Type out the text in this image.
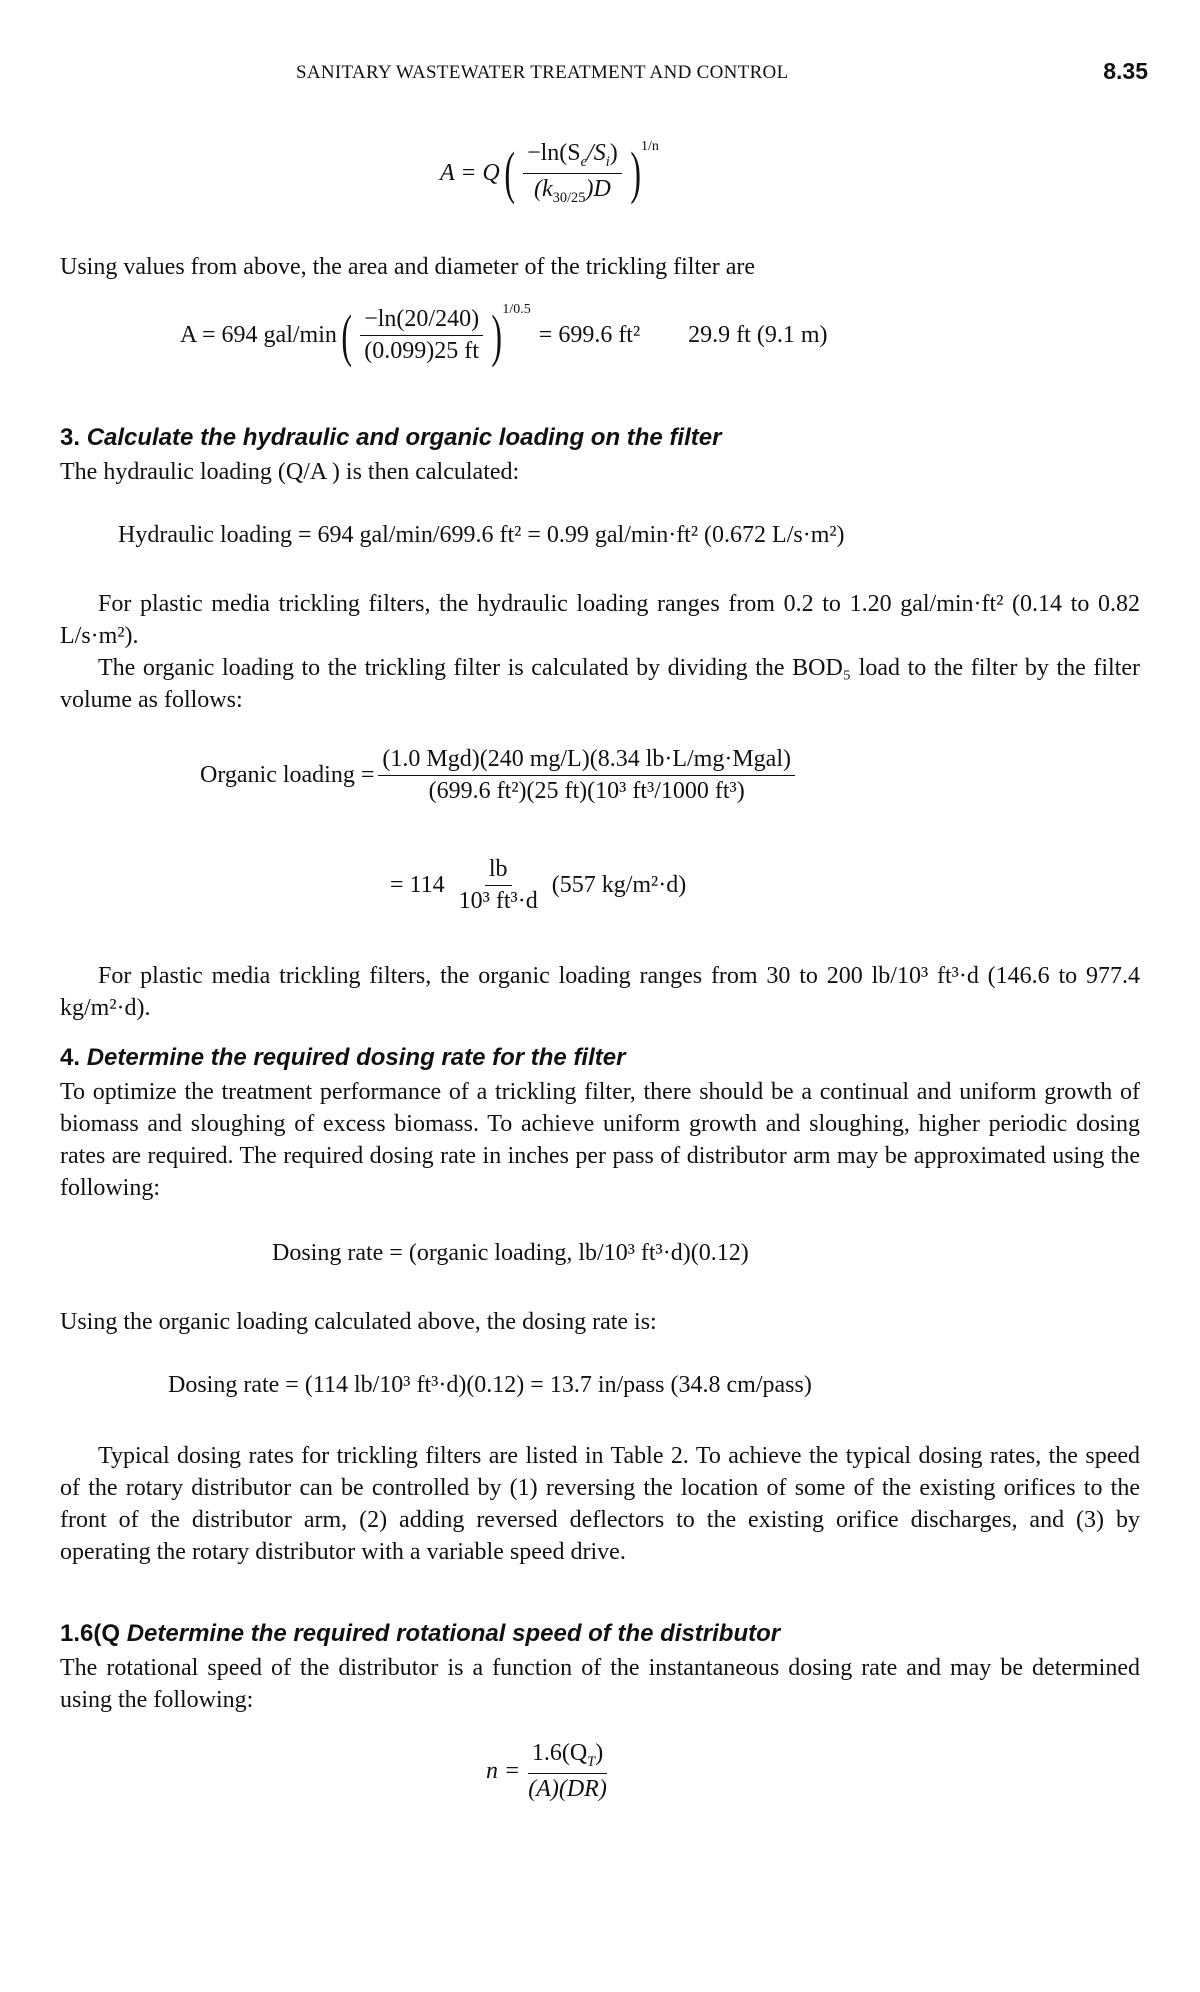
SANITARY WASTEWATER TREATMENT AND CONTROL	8.35
A = Q ( $\frac{-\ln(S_e/S_i)}{(k_{30/25})D}$ ) 1/n
Using values from above, the area and diameter of the trickling filter are
A = 694 gal/min ( $\frac{-\ln(20/240)}{(0.099)25 ft}$ ) 1/0.5
= 699.6 ft² 29.9 ft (9.1 m)
3. Calculate the hydraulic and organic loading on the filter
The hydraulic loading (Q/A ) is then calculated:
Hydraulic loading = 694 gal/min/699.6 ft² = 0.99 gal/min·ft² (0.672 L/s·m²)
For plastic media trickling filters, the hydraulic loading ranges from 0.2 to 1.20 gal/min·ft² (0.14 to 0.82 L/s·m²).
The organic loading to the trickling filter is calculated by dividing the BOD₅ load to the filter by the filter volume as follows:
Organic loading = $\frac{\text{(1.0 Mgd)(240 mg/L)(8.34 lb·L/mg·Mgal)}}{\text{(699.6 ft²)(25 ft)(10³ ft³/1000 ft³)}}$
= $114 \frac{lb}{\text{10³ ft³·d}} (557$ kg/m²·d)
For plastic media trickling filters, the organic loading ranges from 30 to 200 lb/10³ ft³·d (146.6 to 977.4 kg/m²·d).
4. Determine the required dosing rate for the filter
To optimize the treatment performance of a trickling filter, there should be a continual and uniform growth of biomass and sloughing of excess biomass. To achieve uniform growth and sloughing, higher periodic dosing rates are required. The required dosing rate in inches per pass of distributor arm may be approximated using the following:
Dosing rate = (organic loading, lb/10³ ft³·d)(0.12)
Using the organic loading calculated above, the dosing rate is:
Dosing rate = (114 lb/10³ ft³·d)(0.12) = 13.7 in/pass (34.8 cm/pass)
Typical dosing rates for trickling filters are listed in Table 2. To achieve the typical dosing rates, the speed of the rotary distributor can be controlled by (1) reversing the location of some of the existing orifices to the front of the distributor arm, (2) adding reversed deflectors to the existing orifice discharges, and (3) by operating the rotary distributor with a variable speed drive.
1.6(Q Determine the required rotational speed of the distributor
The rotational speed of the distributor is a function of the instantaneous dosing rate and may be determined using the following:
$n = \frac{1.6(Q_T)}{(A)(DR)}$
